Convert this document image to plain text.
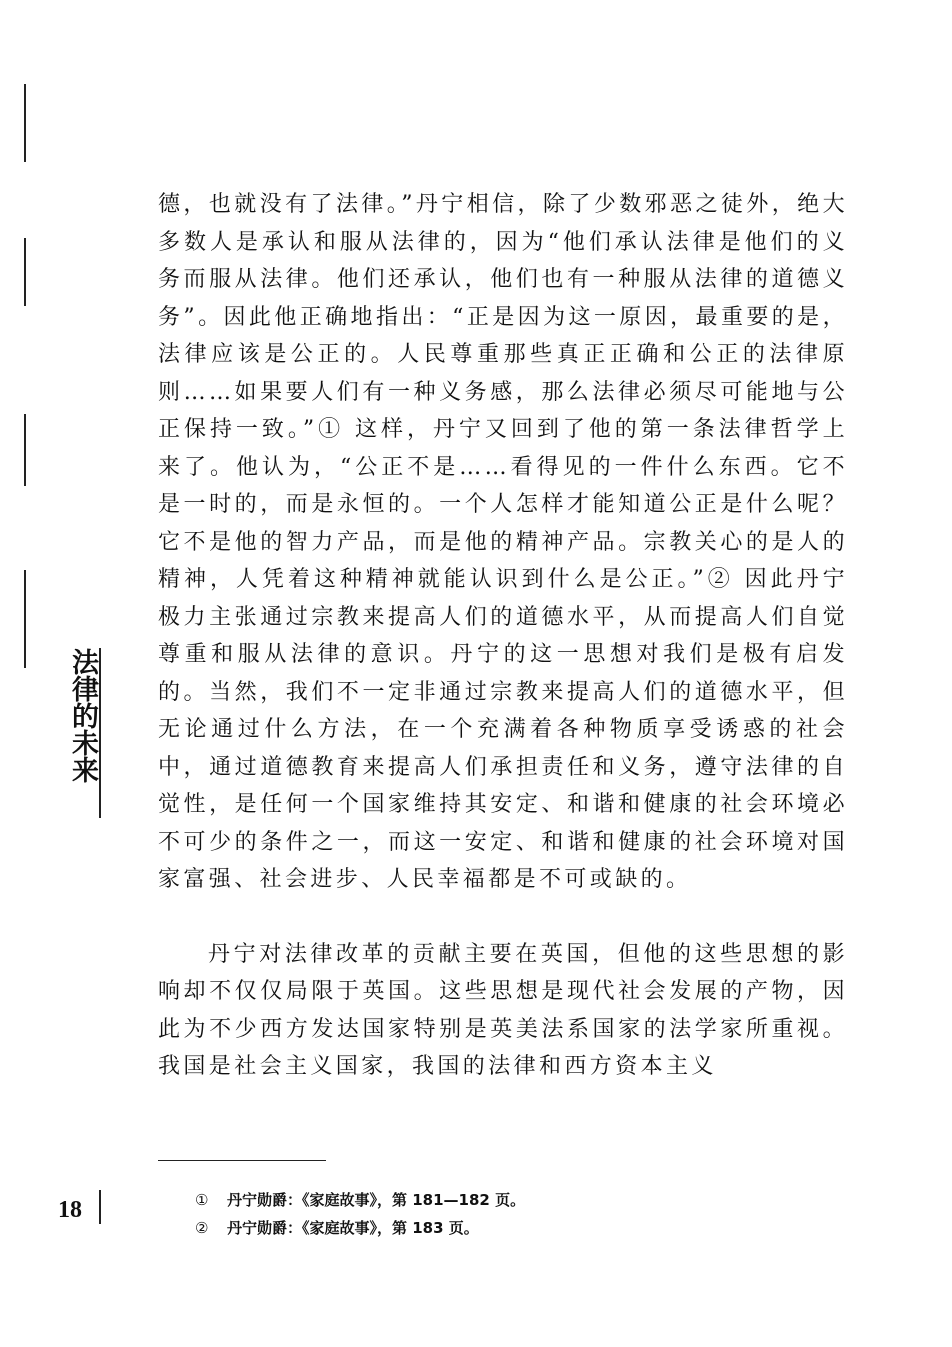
法律的未来

德，也就没有了法律。”丹宁相信，除了少数邪恶之徒外，绝大多数人是承认和服从法律的，因为“他们承认法律是他们的义务而服从法律。他们还承认，他们也有一种服从法律的道德义务”。因此他正确地指出：“正是因为这一原因，最重要的是，法律应该是公正的。人民尊重那些真正正确和公正的法律原则……如果要人们有一种义务感，那么法律必须尽可能地与公正保持一致。”① 这样，丹宁又回到了他的第一条法律哲学上来了。他认为，“公正不是……看得见的一件什么东西。它不是一时的，而是永恒的。一个人怎样才能知道公正是什么呢？它不是他的智力产品，而是他的精神产品。宗教关心的是人的精神，人凭着这种精神就能认识到什么是公正。”② 因此丹宁极力主张通过宗教来提高人们的道德水平，从而提高人们自觉尊重和服从法律的意识。丹宁的这一思想对我们是极有启发的。当然，我们不一定非通过宗教来提高人们的道德水平，但无论通过什么方法，在一个充满着各种物质享受诱惑的社会中，通过道德教育来提高人们承担责任和义务，遵守法律的自觉性，是任何一个国家维持其安定、和谐和健康的社会环境必不可少的条件之一，而这一安定、和谐和健康的社会环境对国家富强、社会进步、人民幸福都是不可或缺的。

丹宁对法律改革的贡献主要在英国，但他的这些思想的影响却不仅仅局限于英国。这些思想是现代社会发展的产物，因此为不少西方发达国家特别是英美法系国家的法学家所重视。我国是社会主义国家，我国的法律和西方资本主义

① 丹宁勋爵：《家庭故事》，第 181—182 页。
② 丹宁勋爵：《家庭故事》，第 183 页。
18
